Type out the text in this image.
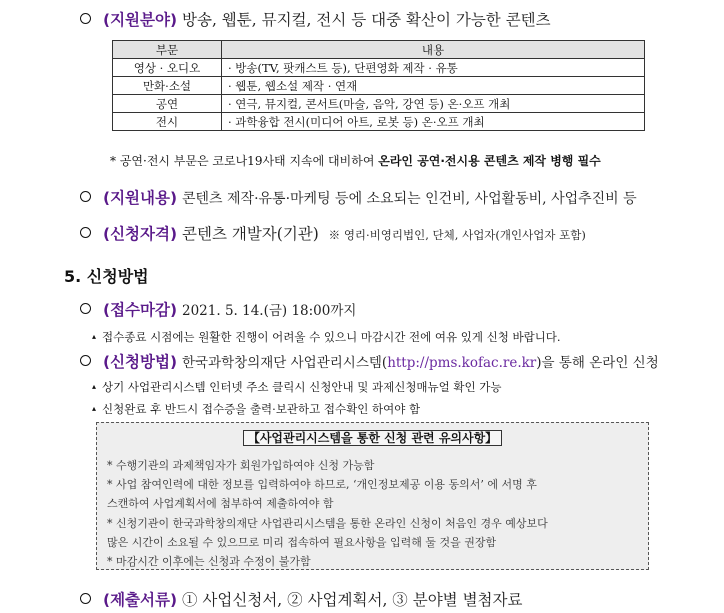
(지원분야)
방송, 웹툰, 뮤지컬, 전시 등 대중 확산이 가능한 콘텐츠
부문	내용
영상 · 오디오	· 방송(TV, 팟캐스트 등), 단편영화 제작 · 유통
만화·소설	· 웹툰, 웹소설 제작 · 연재
공연	· 연극, 뮤지컬, 콘서트(마술, 음악, 강연 등) 온·오프 개최
전시	· 과학융합 전시(미디어 아트, 로봇 등) 온·오프 개최
* 공연·전시 부문은 코로나19사태 지속에 대비하여 온라인 공연·전시용 콘텐츠 제작 병행 필수
(지원내용)
콘텐츠 제작·유통·마케팅 등에 소요되는 인건비, 사업활동비, 사업추진비 등
(신청자격)
콘텐츠 개발자(기관)
※ 영리·비영리법인, 단체, 사업자(개인사업자 포함)
5. 신청방법
(접수마감)
2021. 5. 14.(금) 18:00까지
▴ 접수종료 시점에는 원활한 진행이 어려울 수 있으니 마감시간 전에 여유 있게 신청 바랍니다.
(신청방법)
한국과학창의재단 사업관리시스템(http://pms.kofac.re.kr)을 통해 온라인 신청
▴ 상기 사업관리시스템 인터넷 주소 클릭시 신청안내 및 과제신청매뉴얼 확인 가능
▴ 신청완료 후 반드시 접수증을 출력·보관하고 접수확인 하여야 함
【사업관리시스템을 통한 신청 관련 유의사항】
* 수행기관의 과제책임자가 회원가입하여야 신청 가능함
* 사업 참여인력에 대한 정보를 입력하여야 하므로, ‘개인정보제공 이용 동의서’ 에 서명 후
스캔하여 사업계획서에 첨부하여 제출하여야 함
* 신청기관이 한국과학창의재단 사업관리시스템을 통한 온라인 신청이 처음인 경우 예상보다
많은 시간이 소요될 수 있으므로 미리 접속하여 필요사항을 입력해 둘 것을 권장함
* 마감시간 이후에는 신청과 수정이 불가함
(제출서류)
① 사업신청서, ② 사업계획서, ③ 분야별 별첨자료
